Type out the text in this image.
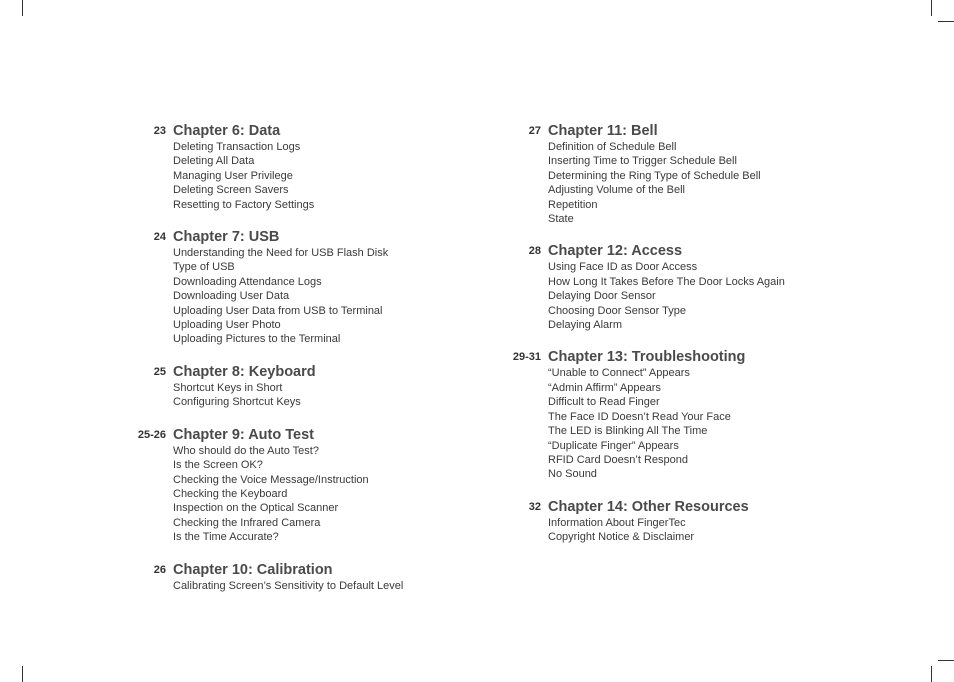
23 Chapter 6: Data
Deleting Transaction Logs
Deleting All Data
Managing User Privilege
Deleting Screen Savers
Resetting to Factory Settings
24 Chapter 7: USB
Understanding the Need for USB Flash Disk
Type of USB
Downloading Attendance Logs
Downloading User Data
Uploading User Data from USB to Terminal
Uploading User Photo
Uploading Pictures to the Terminal
25 Chapter 8: Keyboard
Shortcut Keys in Short
Configuring Shortcut Keys
25-26 Chapter 9: Auto Test
Who should do the Auto Test?
Is the Screen OK?
Checking the Voice Message/Instruction
Checking the Keyboard
Inspection on the Optical Scanner
Checking the Infrared Camera
Is the Time Accurate?
26 Chapter 10: Calibration
Calibrating Screen’s Sensitivity to Default Level
27 Chapter 11: Bell
Definition of Schedule Bell
Inserting Time to Trigger Schedule Bell
Determining the Ring Type of Schedule Bell
Adjusting Volume of the Bell
Repetition
State
28 Chapter 12: Access
Using Face ID as Door Access
How Long It Takes Before The Door Locks Again
Delaying Door Sensor
Choosing Door Sensor Type
Delaying Alarm
29-31 Chapter 13: Troubleshooting
“Unable to Connect” Appears
“Admin Affirm” Appears
Difficult to Read Finger
The Face ID Doesn’t Read Your Face
The LED is Blinking All The Time
“Duplicate Finger” Appears
RFID Card Doesn’t Respond
No Sound
32 Chapter 14: Other Resources
Information About FingerTec
Copyright Notice & Disclaimer
